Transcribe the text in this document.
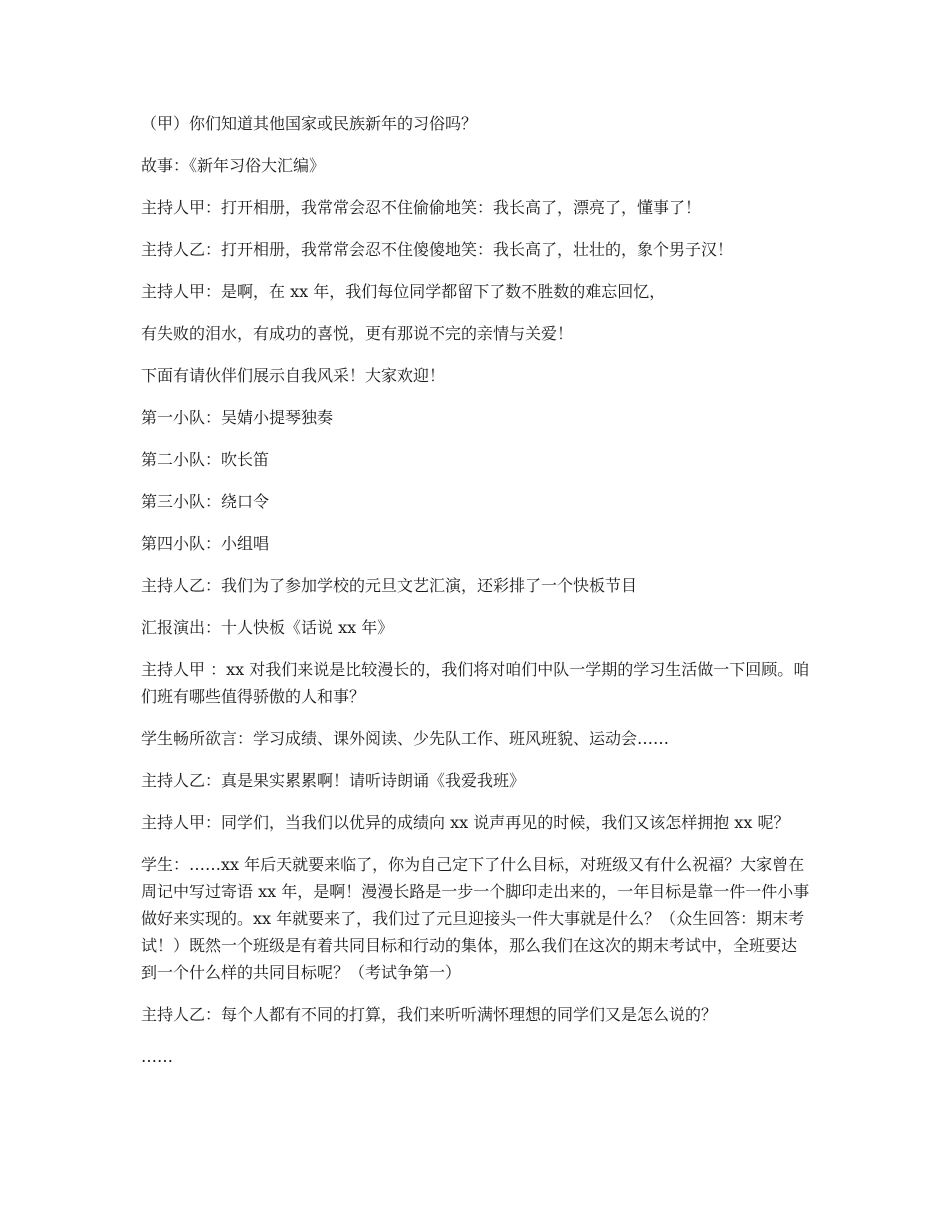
（甲）你们知道其他国家或民族新年的习俗吗？

故事：《新年习俗大汇编》

主持人甲：打开相册，我常常会忍不住偷偷地笑：我长高了，漂亮了，懂事了！

主持人乙：打开相册，我常常会忍不住傻傻地笑：我长高了，壮壮的，象个男子汉！

主持人甲：是啊，在 xx 年，我们每位同学都留下了数不胜数的难忘回忆，

有失败的泪水，有成功的喜悦，更有那说不完的亲情与关爱！

下面有请伙伴们展示自我风采！大家欢迎！

第一小队：吴婧小提琴独奏

第二小队：吹长笛

第三小队：绕口令

第四小队：小组唱

主持人乙：我们为了参加学校的元旦文艺汇演，还彩排了一个快板节目

汇报演出：十人快板《话说 xx 年》

主持人甲 ：xx 对我们来说是比较漫长的，我们将对咱们中队一学期的学习生活做一下回顾。咱们班有哪些值得骄傲的人和事？

学生畅所欲言：学习成绩、课外阅读、少先队工作、班风班貌、运动会……

主持人乙：真是果实累累啊！请听诗朗诵《我爱我班》

主持人甲：同学们，当我们以优异的成绩向 xx 说声再见的时候，我们又该怎样拥抱 xx 呢？

学生：……xx 年后天就要来临了，你为自己定下了什么目标，对班级又有什么祝福？大家曾在周记中写过寄语 xx 年，是啊！漫漫长路是一步一个脚印走出来的，一年目标是靠一件一件小事做好来实现的。xx 年就要来了，我们过了元旦迎接头一件大事就是什么？（众生回答：期末考试！）既然一个班级是有着共同目标和行动的集体，那么我们在这次的期末考试中，全班要达到一个什么样的共同目标呢？（考试争第一）

主持人乙：每个人都有不同的打算，我们来听听满怀理想的同学们又是怎么说的？

……
